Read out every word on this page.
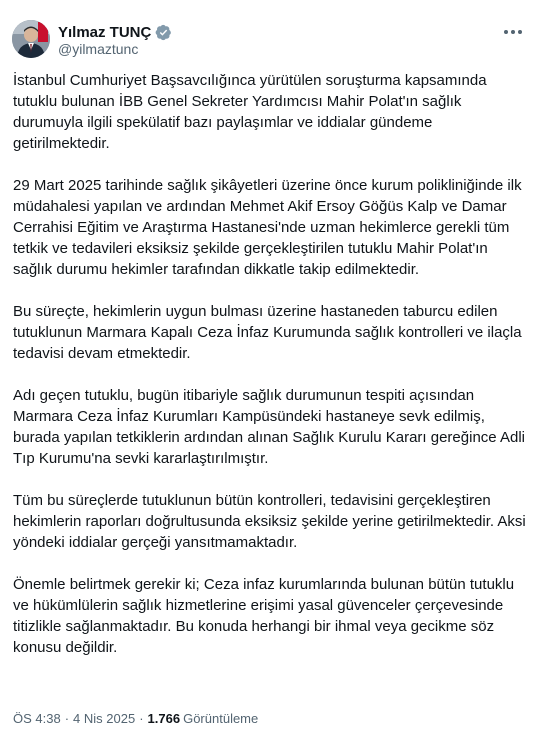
Yılmaz TUNÇ
@yilmaztunc

İstanbul Cumhuriyet Başsavcılığınca yürütülen soruşturma kapsamında tutuklu bulunan İBB Genel Sekreter Yardımcısı Mahir Polat'ın sağlık durumuyla ilgili spekülatif bazı paylaşımlar ve iddialar gündeme getirilmektedir.

29 Mart 2025 tarihinde sağlık şikâyetleri üzerine önce kurum polikliniğinde ilk müdahalesi yapılan ve ardından Mehmet Akif Ersoy Göğüs Kalp ve Damar Cerrahisi Eğitim ve Araştırma Hastanesi'nde uzman hekimlerce gerekli tüm tetkik ve tedavileri eksiksiz şekilde gerçekleştirilen tutuklu Mahir Polat'ın sağlık durumu hekimler tarafından dikkatle takip edilmektedir.

Bu süreçte, hekimlerin uygun bulması üzerine hastaneden taburcu edilen tutuklunun Marmara Kapalı Ceza İnfaz Kurumunda sağlık kontrolleri ve ilaçla tedavisi devam etmektedir.

Adı geçen tutuklu, bugün itibariyle sağlık durumunun tespiti açısından Marmara Ceza İnfaz Kurumları Kampüsündeki hastaneye sevk edilmiş, burada yapılan tetkiklerin ardından alınan Sağlık Kurulu Kararı gereğince Adli Tıp Kurumu'na sevki kararlaştırılmıştır.

Tüm bu süreçlerde tutuklunun bütün kontrolleri, tedavisini gerçekleştiren hekimlerin raporları doğrultusunda eksiksiz şekilde yerine getirilmektedir. Aksi yöndeki iddialar gerçeği yansıtmamaktadır.

Önemle belirtmek gerekir ki; Ceza infaz kurumlarında bulunan bütün tutuklu ve hükümlülerin sağlık hizmetlerine erişimi yasal güvenceler çerçevesinde titizlikle sağlanmaktadır. Bu konuda herhangi bir ihmal veya gecikme söz konusu değildir.

ÖS 4:38 · 4 Nis 2025 · 1.766 Görüntüleme
